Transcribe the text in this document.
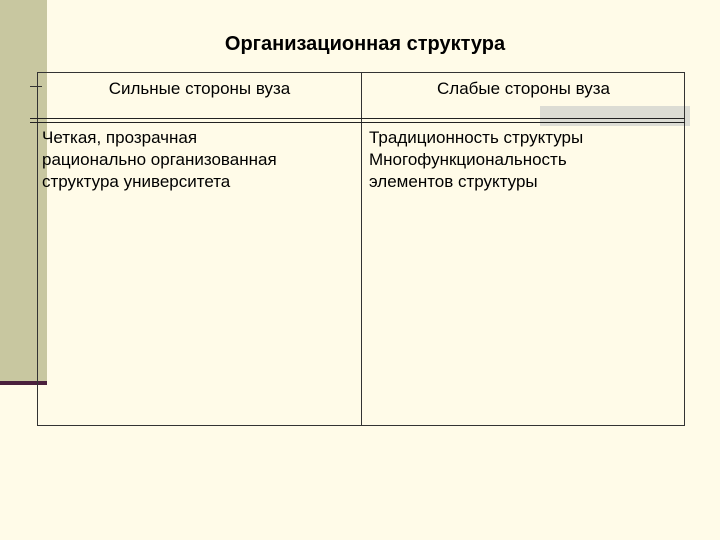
Организационная структура
Сильные стороны вуза	Слабые стороны вуза
Четкая, прозрачная
рационально организованная
структура университета
Традиционность структуры
Многофункциональность
элементов структуры
